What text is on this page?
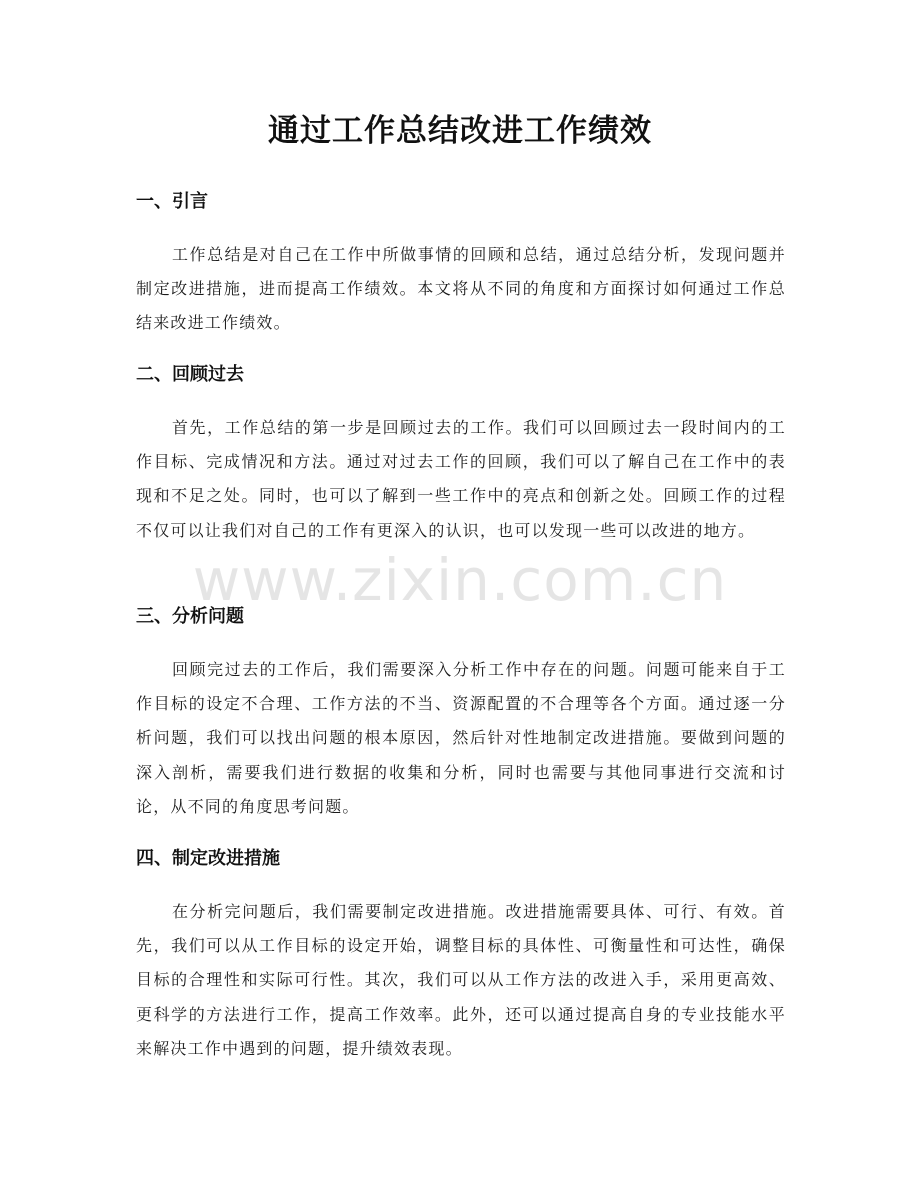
通过工作总结改进工作绩效
一、引言

工作总结是对自己在工作中所做事情的回顾和总结，通过总结分析，发现问题并制定改进措施，进而提高工作绩效。本文将从不同的角度和方面探讨如何通过工作总结来改进工作绩效。

二、回顾过去

首先，工作总结的第一步是回顾过去的工作。我们可以回顾过去一段时间内的工作目标、完成情况和方法。通过对过去工作的回顾，我们可以了解自己在工作中的表现和不足之处。同时，也可以了解到一些工作中的亮点和创新之处。回顾工作的过程不仅可以让我们对自己的工作有更深入的认识，也可以发现一些可以改进的地方。

三、分析问题

回顾完过去的工作后，我们需要深入分析工作中存在的问题。问题可能来自于工作目标的设定不合理、工作方法的不当、资源配置的不合理等各个方面。通过逐一分析问题，我们可以找出问题的根本原因，然后针对性地制定改进措施。要做到问题的深入剖析，需要我们进行数据的收集和分析，同时也需要与其他同事进行交流和讨论，从不同的角度思考问题。

四、制定改进措施

在分析完问题后，我们需要制定改进措施。改进措施需要具体、可行、有效。首先，我们可以从工作目标的设定开始，调整目标的具体性、可衡量性和可达性，确保目标的合理性和实际可行性。其次，我们可以从工作方法的改进入手，采用更高效、更科学的方法进行工作，提高工作效率。此外，还可以通过提高自身的专业技能水平来解决工作中遇到的问题，提升绩效表现。

www.zixin.com.cn
